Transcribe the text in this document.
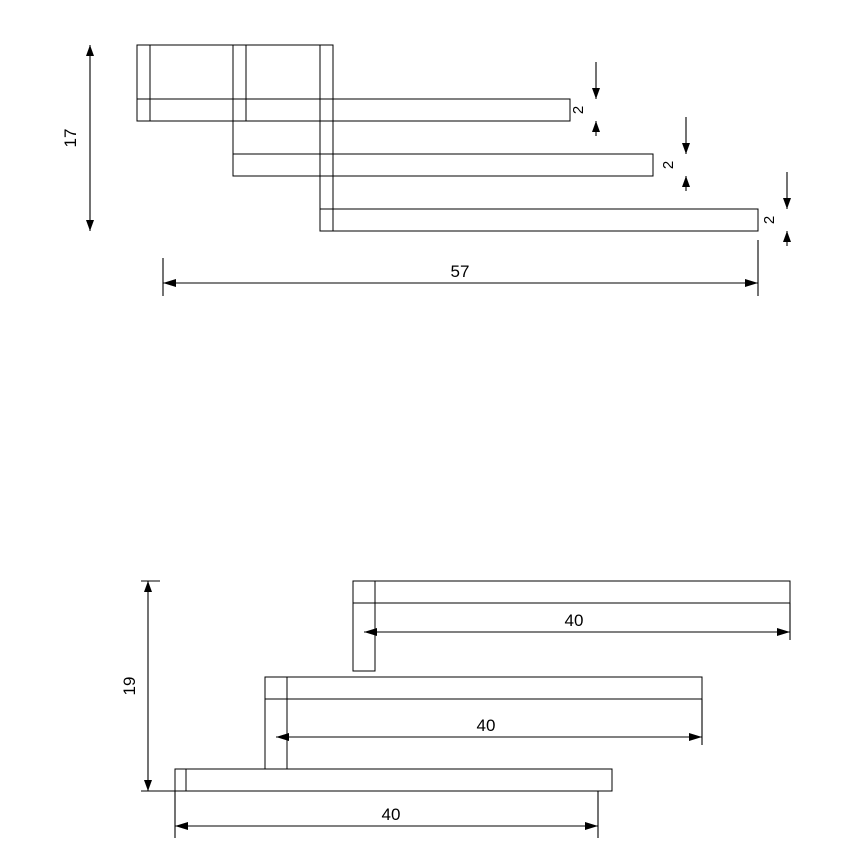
17
2
2
2
57
19
40
40
40
